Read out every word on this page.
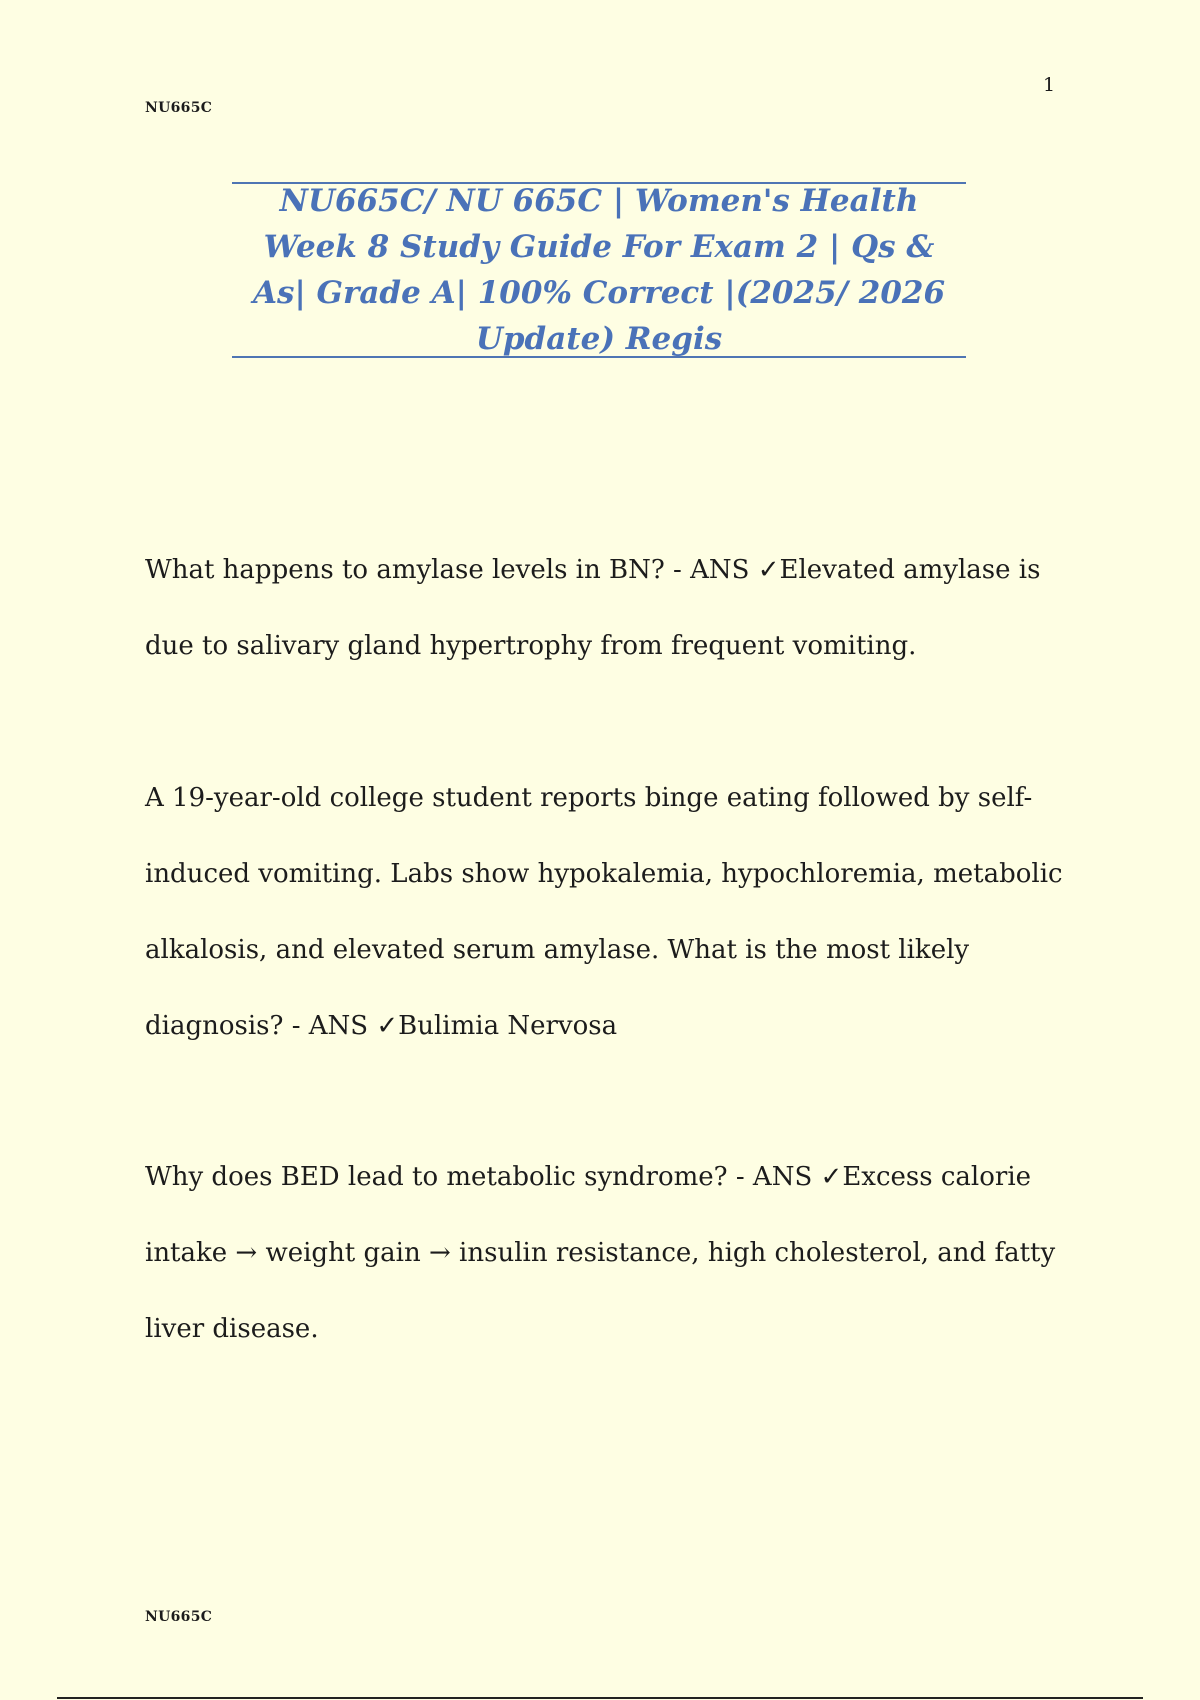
1
NU665C
NU665C/ NU 665C | Women's Health Week 8 Study Guide For Exam 2 | Qs & As| Grade A| 100% Correct |(2025/ 2026 Update) Regis

What happens to amylase levels in BN? - ANS ✓Elevated amylase is due to salivary gland hypertrophy from frequent vomiting.

A 19-year-old college student reports binge eating followed by self-induced vomiting. Labs show hypokalemia, hypochloremia, metabolic alkalosis, and elevated serum amylase. What is the most likely diagnosis? - ANS ✓Bulimia Nervosa

Why does BED lead to metabolic syndrome? - ANS ✓Excess calorie intake → weight gain → insulin resistance, high cholesterol, and fatty liver disease.

NU665C
